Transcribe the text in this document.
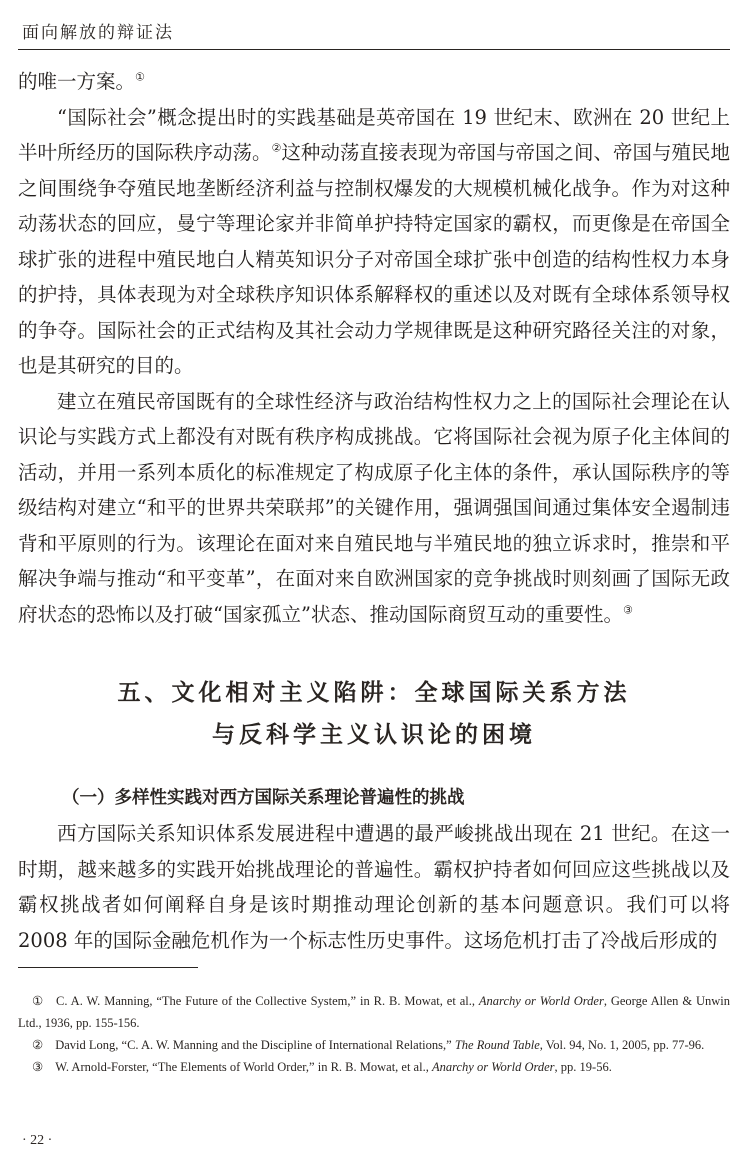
面向解放的辩证法

的唯一方案。①

“国际社会”概念提出时的实践基础是英帝国在 19 世纪末、欧洲在 20 世纪上半叶所经历的国际秩序动荡。②这种动荡直接表现为帝国与帝国之间、帝国与殖民地之间围绕争夺殖民地垄断经济利益与控制权爆发的大规模机械化战争。作为对这种动荡状态的回应，曼宁等理论家并非简单护持特定国家的霸权，而更像是在帝国全球扩张的进程中殖民地白人精英知识分子对帝国全球扩张中创造的结构性权力本身的护持，具体表现为对全球秩序知识体系解释权的重述以及对既有全球体系领导权的争夺。国际社会的正式结构及其社会动力学规律既是这种研究路径关注的对象，也是其研究的目的。

建立在殖民帝国既有的全球性经济与政治结构性权力之上的国际社会理论在认识论与实践方式上都没有对既有秩序构成挑战。它将国际社会视为原子化主体间的活动，并用一系列本质化的标准规定了构成原子化主体的条件，承认国际秩序的等级结构对建立“和平的世界共荣联邦”的关键作用，强调强国间通过集体安全遏制违背和平原则的行为。该理论在面对来自殖民地与半殖民地的独立诉求时，推崇和平解决争端与推动“和平变革”，在面对来自欧洲国家的竞争挑战时则刻画了国际无政府状态的恐怖以及打破“国家孤立”状态、推动国际商贸互动的重要性。③

五、文化相对主义陷阱：全球国际关系方法
与反科学主义认识论的困境
（一）多样性实践对西方国际关系理论普遍性的挑战

西方国际关系知识体系发展进程中遭遇的最严峻挑战出现在 21 世纪。在这一时期，越来越多的实践开始挑战理论的普遍性。霸权护持者如何回应这些挑战以及霸权挑战者如何阐释自身是该时期推动理论创新的基本问题意识。我们可以将 2008 年的国际金融危机作为一个标志性历史事件。这场危机打击了冷战后形成的

① C. A. W. Manning, “The Future of the Collective System,” in R. B. Mowat, et al., Anarchy or World Order, George Allen & Unwin Ltd., 1936, pp. 155-156.

② David Long, “C. A. W. Manning and the Discipline of International Relations,” The Round Table, Vol. 94, No. 1, 2005, pp. 77-96.

③ W. Arnold-Forster, “The Elements of World Order,” in R. B. Mowat, et al., Anarchy or World Order, pp. 19-56.

· 22 ·
